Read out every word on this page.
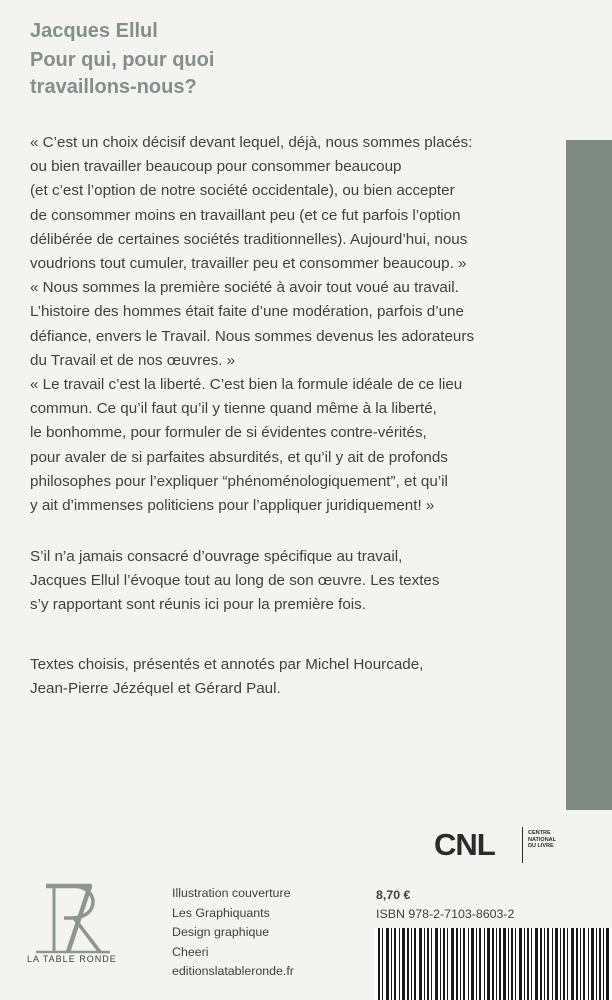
Jacques Ellul
Pour qui, pour quoi
travaillons-nous?
« C’est un choix décisif devant lequel, déjà, nous sommes placés:
ou bien travailler beaucoup pour consommer beaucoup
(et c’est l’option de notre société occidentale), ou bien accepter
de consommer moins en travaillant peu (et ce fut parfois l’option
délibérée de certaines sociétés traditionnelles). Aujourd’hui, nous
voudrions tout cumuler, travailler peu et consommer beaucoup. »
« Nous sommes la première société à avoir tout voué au travail.
L’histoire des hommes était faite d’une modération, parfois d’une
défiance, envers le Travail. Nous sommes devenus les adorateurs
du Travail et de nos œuvres. »
« Le travail c’est la liberté. C’est bien la formule idéale de ce lieu
commun. Ce qu’il faut qu’il y tienne quand même à la liberté,
le bonhomme, pour formuler de si évidentes contre-vérités,
pour avaler de si parfaites absurdités, et qu’il y ait de profonds
philosophes pour l’expliquer “phénoménologiquement”, et qu’il
y ait d’immenses politiciens pour l’appliquer juridiquement! »
S’il n’a jamais consacré d’ouvrage spécifique au travail,
Jacques Ellul l’évoque tout au long de son œuvre. Les textes
s’y rapportant sont réunis ici pour la première fois.
Textes choisis, présentés et annotés par Michel Hourcade,
Jean-Pierre Jézéquel et Gérard Paul.
CNL	CENTRE
NATIONAL
DU LIVRE
LA TABLE RONDE
Illustration couverture
Les Graphiquants
Design graphique
Cheeri
editionslatableronde.fr
8,70 €
ISBN 978-2-7103-8603-2
